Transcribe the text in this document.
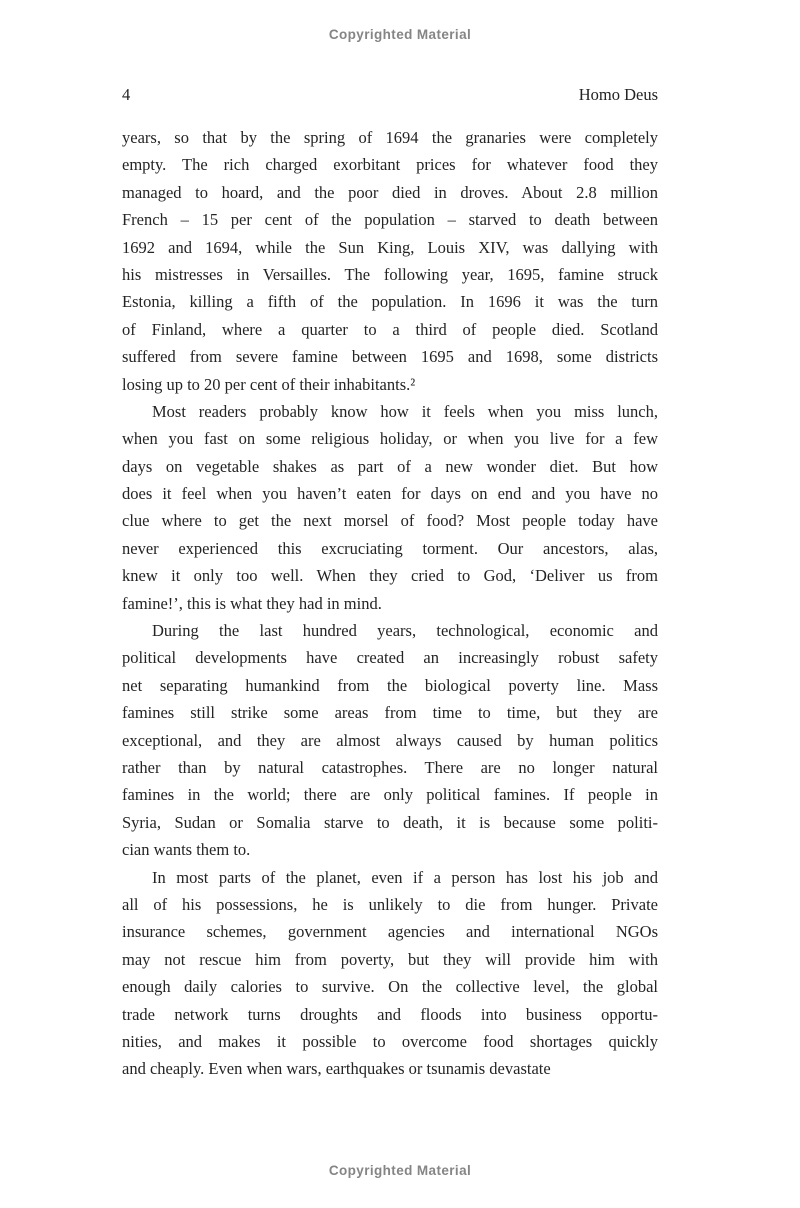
Copyrighted Material
4	Homo Deus
years, so that by the spring of 1694 the granaries were completely
empty. The rich charged exorbitant prices for whatever food they
managed to hoard, and the poor died in droves. About 2.8 million
French – 15 per cent of the population – starved to death between
1692 and 1694, while the Sun King, Louis XIV, was dallying with
his mistresses in Versailles. The following year, 1695, famine struck
Estonia, killing a fifth of the population. In 1696 it was the turn
of Finland, where a quarter to a third of people died. Scotland
suffered from severe famine between 1695 and 1698, some districts
losing up to 20 per cent of their inhabitants.²
Most readers probably know how it feels when you miss lunch,
when you fast on some religious holiday, or when you live for a few
days on vegetable shakes as part of a new wonder diet. But how
does it feel when you haven’t eaten for days on end and you have no
clue where to get the next morsel of food? Most people today have
never experienced this excruciating torment. Our ancestors, alas,
knew it only too well. When they cried to God, ‘Deliver us from
famine!’, this is what they had in mind.
During the last hundred years, technological, economic and
political developments have created an increasingly robust safety
net separating humankind from the biological poverty line. Mass
famines still strike some areas from time to time, but they are
exceptional, and they are almost always caused by human politics
rather than by natural catastrophes. There are no longer natural
famines in the world; there are only political famines. If people in
Syria, Sudan or Somalia starve to death, it is because some politi-
cian wants them to.
In most parts of the planet, even if a person has lost his job and
all of his possessions, he is unlikely to die from hunger. Private
insurance schemes, government agencies and international NGOs
may not rescue him from poverty, but they will provide him with
enough daily calories to survive. On the collective level, the global
trade network turns droughts and floods into business opportu-
nities, and makes it possible to overcome food shortages quickly
and cheaply. Even when wars, earthquakes or tsunamis devastate
Copyrighted Material
